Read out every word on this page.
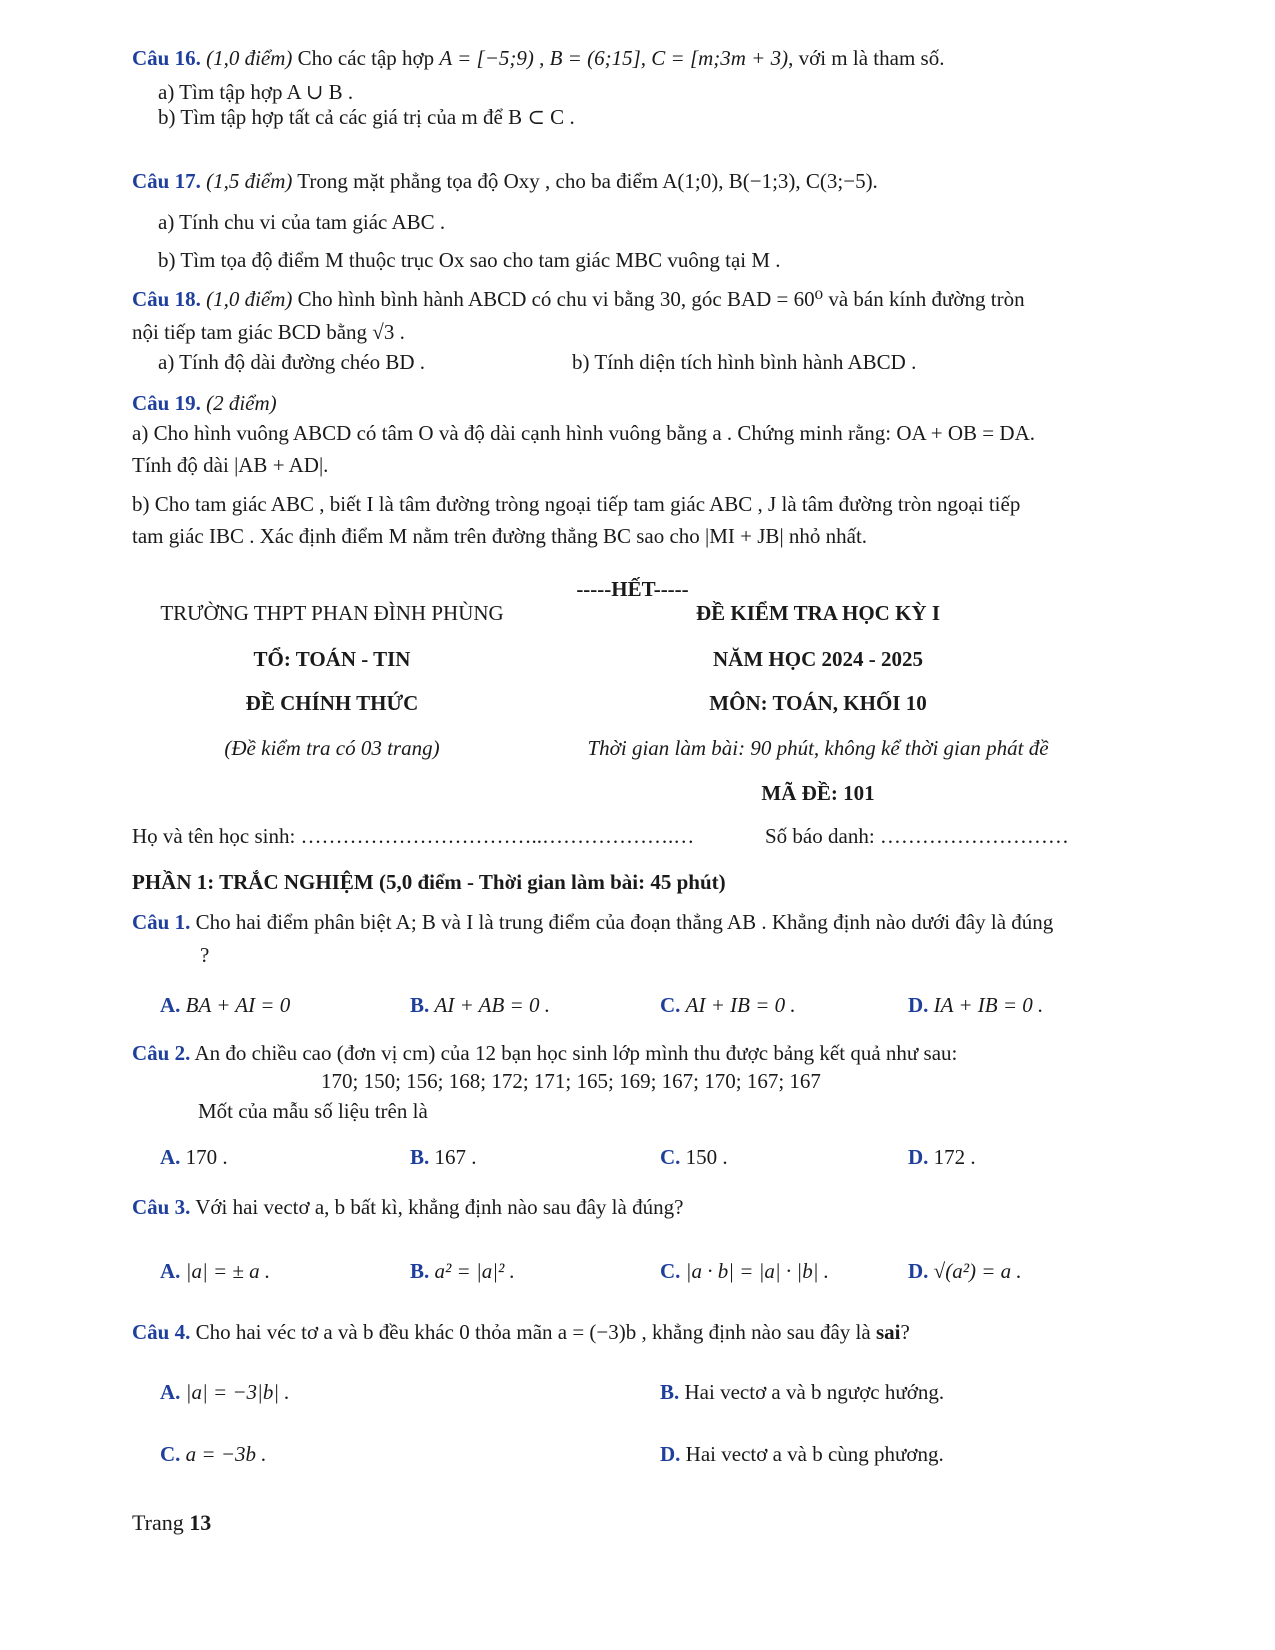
Câu 16. (1,0 điểm) Cho các tập hợp A = [−5;9) , B = (6;15], C = [m;3m + 3), với m là tham số.
a) Tìm tập hợp A ∪ B .
b) Tìm tập hợp tất cả các giá trị của m để B ⊂ C .
Câu 17. (1,5 điểm) Trong mặt phẳng tọa độ Oxy , cho ba điểm A(1;0), B(−1;3), C(3;−5).
a) Tính chu vi của tam giác ABC .
b) Tìm tọa độ điểm M thuộc trục Ox sao cho tam giác MBC vuông tại M .
Câu 18. (1,0 điểm) Cho hình bình hành ABCD có chu vi bằng 30, góc BAD = 60⁰ và bán kính đường tròn
nội tiếp tam giác BCD bằng √3 .
a) Tính độ dài đường chéo BD .	b) Tính diện tích hình bình hành ABCD .
Câu 19. (2 điểm)
a) Cho hình vuông ABCD có tâm O và độ dài cạnh hình vuông bằng a . Chứng minh rằng: OA + OB = DA.
Tính độ dài |AB + AD|.
b) Cho tam giác ABC , biết I là tâm đường tròng ngoại tiếp tam giác ABC , J là tâm đường tròn ngoại tiếp
tam giác IBC . Xác định điểm M nằm trên đường thẳng BC sao cho |MI + JB| nhỏ nhất.
-----HẾT-----
TRƯỜNG THPT PHAN ĐÌNH PHÙNG
TỔ: TOÁN - TIN
ĐỀ CHÍNH THỨC
(Đề kiểm tra có 03 trang)
ĐỀ KIỂM TRA HỌC KỲ I
NĂM HỌC 2024 - 2025
MÔN: TOÁN, KHỐI 10
Thời gian làm bài: 90 phút, không kể thời gian phát đề
MÃ ĐỀ: 101
Họ và tên học sinh: ……………………………..……………….…	Số báo danh: ………………………
PHẦN 1: TRẮC NGHIỆM (5,0 điểm - Thời gian làm bài: 45 phút)
Câu 1. Cho hai điểm phân biệt A; B và I là trung điểm của đoạn thẳng AB . Khẳng định nào dưới đây là đúng
?
A. BA + AI = 0	B. AI + AB = 0 .	C. AI + IB = 0 .	D. IA + IB = 0 .
Câu 2. An đo chiều cao (đơn vị cm) của 12 bạn học sinh lớp mình thu được bảng kết quả như sau:
170; 150; 156; 168; 172; 171; 165; 169; 167; 170; 167; 167
Mốt của mẫu số liệu trên là
A. 170 .	B. 167 .	C. 150 .	D. 172 .
Câu 3. Với hai vectơ a, b bất kì, khẳng định nào sau đây là đúng?
A. |a| = ± a .	B. a² = |a|² .	C. |a · b| = |a| · |b| .	D. √(a²) = a .
Câu 4. Cho hai véc tơ a và b đều khác 0 thỏa mãn a = (−3)b , khẳng định nào sau đây là sai?
A. |a| = −3|b| .	B. Hai vectơ a và b ngược hướng.
C. a = −3b .	D. Hai vectơ a và b cùng phương.
Trang 13
